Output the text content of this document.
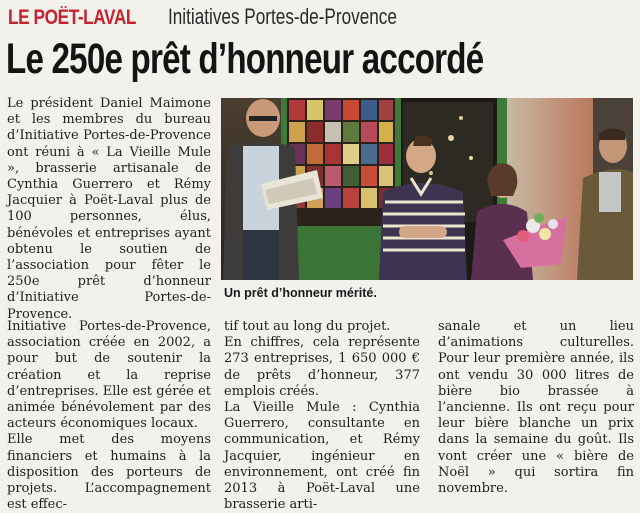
LE POËT-LAVAL Initiatives Portes-de-Provence
Le 250e prêt d’honneur accordé

Le président Daniel Maimone et les membres du bureau d’Initiative Portes-de-Provence ont réuni à « La Vieille Mule », brasserie artisanale de Cynthia Guerrero et Rémy Jacquier à Poët-Laval plus de 100 personnes, élus, bénévoles et entreprises ayant obtenu le soutien de l’association pour fêter le 250e prêt d’honneur d’Initiative Portes-de-Provence.

Un prêt d’honneur mérité.

Initiative Portes-de-Provence, association créée en 2002, a pour but de soutenir la création et la reprise d’entreprises. Elle est gérée et animée bénévolement par des acteurs économiques locaux.

Elle met des moyens financiers et humains à la disposition des porteurs de projets. L’accompagnement est effec-

tif tout au long du projet.

En chiffres, cela représente 273 entreprises, 1 650 000 € de prêts d’honneur, 377 emplois créés.

La Vieille Mule : Cynthia Guerrero, consultante en communication, et Rémy Jacquier, ingénieur en environnement, ont créé fin 2013 à Poët-Laval une brasserie arti-

sanale et un lieu d’animations culturelles. Pour leur première année, ils ont vendu 30 000 litres de bière bio brassée à l’ancienne. Ils ont reçu pour leur bière blanche un prix dans la semaine du goût. Ils vont créer une « bière de Noël » qui sortira fin novembre.
